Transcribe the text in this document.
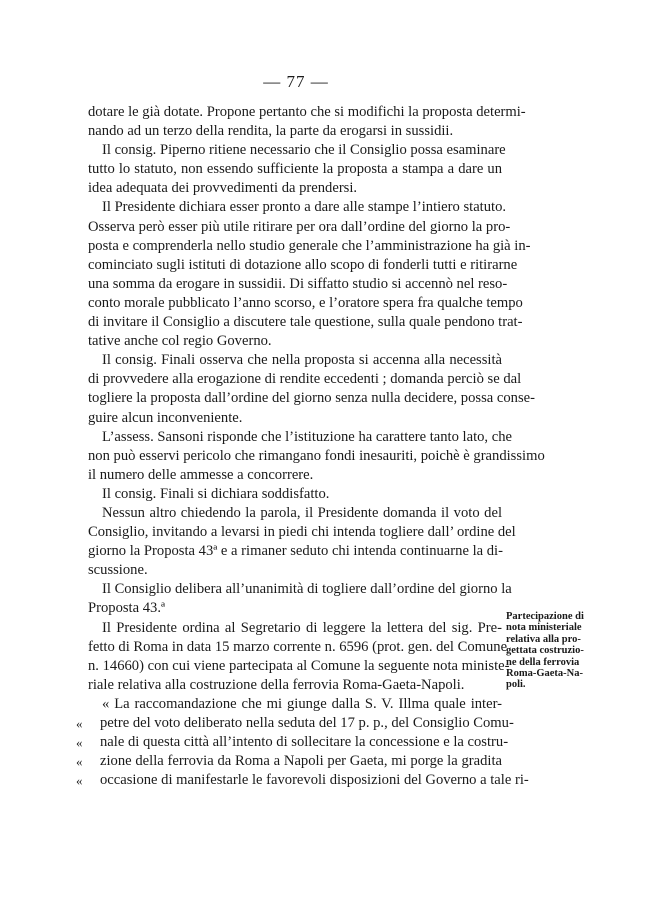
— 77 —
dotare le già dotate. Propone pertanto che si modifichi la proposta determi-
nando ad un terzo della rendita, la parte da erogarsi in sussidii.
Il consig. Piperno ritiene necessario che il Consiglio possa esaminare
tutto lo statuto, non essendo sufficiente la proposta a stampa a dare un
idea adequata dei provvedimenti da prendersi.
Il Presidente dichiara esser pronto a dare alle stampe l’intiero statuto.
Osserva però esser più utile ritirare per ora dall’ordine del giorno la pro-
posta e comprenderla nello studio generale che l’amministrazione ha già in-
cominciato sugli istituti di dotazione allo scopo di fonderli tutti e ritirarne
una somma da erogare in sussidii. Di siffatto studio si accennò nel reso-
conto morale pubblicato l’anno scorso, e l’oratore spera fra qualche tempo
di invitare il Consiglio a discutere tale questione, sulla quale pendono trat-
tative anche col regio Governo.
Il consig. Finali osserva che nella proposta si accenna alla necessità
di provvedere alla erogazione di rendite eccedenti ; domanda perciò se dal
togliere la proposta dall’ordine del giorno senza nulla decidere, possa conse-
guire alcun inconveniente.
L’assess. Sansoni risponde che l’istituzione ha carattere tanto lato, che
non può esservi pericolo che rimangano fondi inesauriti, poichè è grandissimo
il numero delle ammesse a concorrere.
Il consig. Finali si dichiara soddisfatto.
Nessun altro chiedendo la parola, il Presidente domanda il voto del
Consiglio, invitando a levarsi in piedi chi intenda togliere dall’ ordine del
giorno la Proposta 43ª e a rimaner seduto chi intenda continuarne la di-
scussione.
Il Consiglio delibera all’unanimità di togliere dall’ordine del giorno la
Proposta 43.ª
Il Presidente ordina al Segretario di leggere la lettera del sig. Pre-
fetto di Roma in data 15 marzo corrente n. 6596 (prot. gen. del Comune
n. 14660) con cui viene partecipata al Comune la seguente nota ministe-
riale relativa alla costruzione della ferrovia Roma-Gaeta-Napoli.
« La raccomandazione che mi giunge dalla S. V. Illma quale inter-
« petre del voto deliberato nella seduta del 17 p. p., del Consiglio Comu-
« nale di questa città all’intento di sollecitare la concessione e la costru-
« zione della ferrovia da Roma a Napoli per Gaeta, mi porge la gradita
« occasione di manifestarle le favorevoli disposizioni del Governo a tale ri-
Partecipazione di
nota ministeriale
relativa alla pro-
gettata costruzio-
ne della ferrovia
Roma-Gaeta-Na-
poli.
